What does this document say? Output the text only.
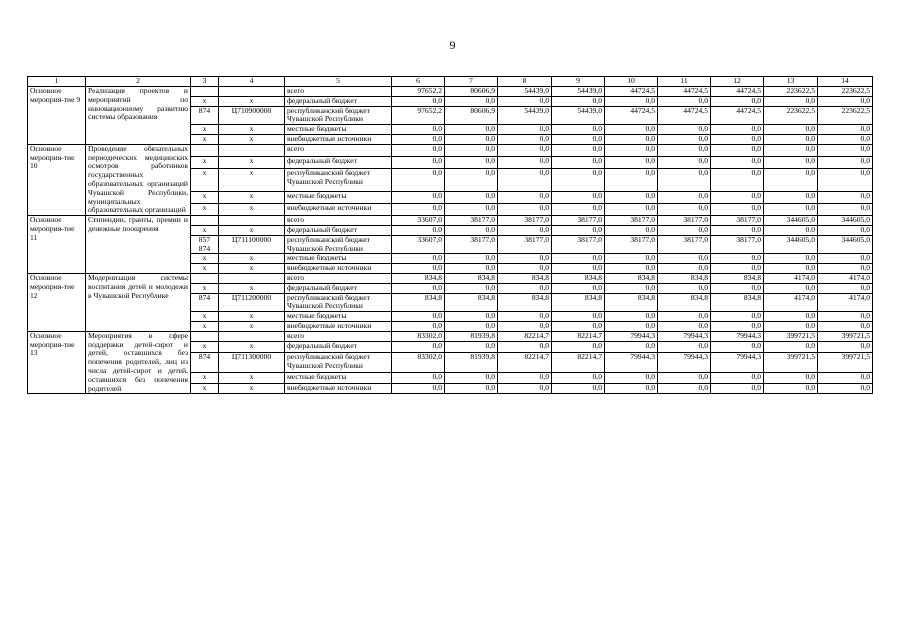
9
1	2	3	4	5	6	7	8	9	10	11	12	13	14
Основное мероприя-тие 9	Реализация проектов и мероприятий по инновационному развитию системы образования			всего	97652,2	80606,9	54439,0	54439,0	44724,5	44724,5	44724,5	223622,5	223622,5
		x	x	федеральный бюджет	0,0	0,0	0,0	0,0	0,0	0,0	0,0	0,0	0,0
		874	Ц710900000	республиканский бюджет Чувашской Республики	97652,2	80606,9	54439,0	54439,0	44724,5	44724,5	44724,5	223622,5	223622,5
		x	x	местные бюджеты	0,0	0,0	0,0	0,0	0,0	0,0	0,0	0,0	0,0
		x	x	внебюджетные источники	0,0	0,0	0,0	0,0	0,0	0,0	0,0	0,0	0,0
Основное мероприя-тие 10	Проведение обязательных периодических медицинских осмотров работников государственных образовательных организаций Чувашской Республики, муниципальных образовательных организаций			всего	0,0	0,0	0,0	0,0	0,0	0,0	0,0	0,0	0,0
		x	x	федеральный бюджет	0,0	0,0	0,0	0,0	0,0	0,0	0,0	0,0	0,0
		x	x	республиканский бюджет Чувашской Республики	0,0	0,0	0,0	0,0	0,0	0,0	0,0	0,0	0,0
		x	x	местные бюджеты	0,0	0,0	0,0	0,0	0,0	0,0	0,0	0,0	0,0
		x	x	внебюджетные источники	0,0	0,0	0,0	0,0	0,0	0,0	0,0	0,0	0,0
Основное мероприя-тие 11	Стипендии, гранты, премии и денежные поощрения			всего	33607,0	38177,0	38177,0	38177,0	38177,0	38177,0	38177,0	344605,0	344605,0
		x	x	федеральный бюджет	0,0	0,0	0,0	0,0	0,0	0,0	0,0	0,0	0,0
		857 874	Ц711100000	республиканский бюджет Чувашской Республики	33607,0	38177,0	38177,0	38177,0	38177,0	38177,0	38177,0	344605,0	344605,0
		x	x	местные бюджеты	0,0	0,0	0,0	0,0	0,0	0,0	0,0	0,0	0,0
		x	x	внебюджетные источники	0,0	0,0	0,0	0,0	0,0	0,0	0,0	0,0	0,0
Основное мероприя-тие 12	Модернизация системы воспитания детей и молодежи в Чувашской Республике			всего	834,8	834,8	834,8	834,8	834,8	834,8	834,8	4174,0	4174,0
		x	x	федеральный бюджет	0,0	0,0	0,0	0,0	0,0	0,0	0,0	0,0	0,0
		874	Ц711200000	республиканский бюджет Чувашской Республики	834,8	834,8	834,8	834,8	834,8	834,8	834,8	4174,0	4174,0
		x	x	местные бюджеты	0,0	0,0	0,0	0,0	0,0	0,0	0,0	0,0	0,0
		x	x	внебюджетные источники	0,0	0,0	0,0	0,0	0,0	0,0	0,0	0,0	0,0
Основное мероприя-тие 13	Мероприятия в сфере поддержки детей-сирот и детей, оставшихся без попечения родителей, лиц из числа детей-сирот и детей, оставшихся без попечения родителей			всего	83302,0	81939,8	82214,7	82214,7	79944,3	79944,3	79944,3	399721,5	399721,5
		x	x	федеральный бюджет	0,0	0,0	0,0	0,0	0,0	0,0	0,0	0,0	0,0
		874	Ц711300000	республиканский бюджет Чувашской Республики	83302,0	81939,8	82214,7	82214,7	79944,3	79944,3	79944,3	399721,5	399721,5
		x	x	местные бюджеты	0,0	0,0	0,0	0,0	0,0	0,0	0,0	0,0	0,0
		x	x	внебюджетные источники	0,0	0,0	0,0	0,0	0,0	0,0	0,0	0,0	0,0
